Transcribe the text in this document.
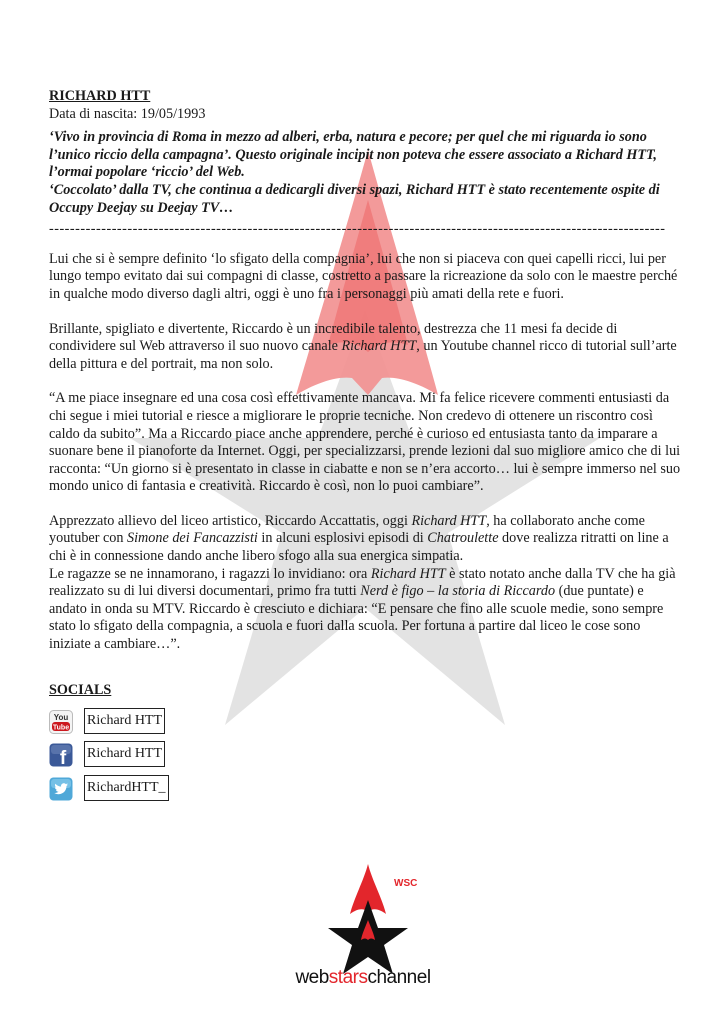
RICHARD HTT
Data di nascita: 19/05/1993
‘Vivo in provincia di Roma in mezzo ad alberi, erba, natura e pecore; per quel che mi riguarda io sono l’unico riccio della campagna’. Questo originale incipit non poteva che essere associato a Richard HTT, l’ormai popolare ‘riccio’ del Web.
‘Coccolato’ dalla TV, che continua a dedicargli diversi spazi, Richard HTT è stato recentemente ospite di Occupy Deejay su Deejay TV…
----------------------------------------------------------------------------------------------------------------------

Lui che si è sempre definito ‘lo sfigato della compagnia’, lui che non si piaceva con quei capelli ricci, lui per lungo tempo evitato dai sui compagni di classe, costretto a passare la ricreazione da solo con le maestre perché in qualche modo diverso dagli altri, oggi è uno fra i personaggi più amati della rete e fuori.

Brillante, spigliato e divertente, Riccardo è un incredibile talento, destrezza che 11 mesi fa decide di condividere sul Web attraverso il suo nuovo canale Richard HTT, un Youtube channel ricco di tutorial sull’arte della pittura e del portrait, ma non solo.

“A me piace insegnare ed una cosa così effettivamente mancava. Mi fa felice ricevere commenti entusiasti da chi segue i miei tutorial e riesce a migliorare le proprie tecniche. Non credevo di ottenere un riscontro così caldo da subito”. Ma a Riccardo piace anche apprendere, perché è curioso ed entusiasta tanto da imparare a suonare bene il pianoforte da Internet. Oggi, per specializzarsi, prende lezioni dal suo migliore amico che di lui racconta: “Un giorno si è presentato in classe in ciabatte e non se n’era accorto… lui è sempre immerso nel suo mondo unico di fantasia e creatività. Riccardo è così, non lo puoi cambiare”.

Apprezzato allievo del liceo artistico, Riccardo Accattatis, oggi Richard HTT, ha collaborato anche come youtuber con Simone dei Fancazzisti in alcuni esplosivi episodi di Chatroulette dove realizza ritratti on line a chi è in connessione dando anche libero sfogo alla sua energica simpatia.

Le ragazze se ne innamorano, i ragazzi lo invidiano: ora Richard HTT è stato notato anche dalla TV che ha già realizzato su di lui diversi documentari, primo fra tutti Nerd è figo – la storia di Riccardo (due puntate) e andato in onda su MTV. Riccardo è cresciuto e dichiara: “E pensare che fino alle scuole medie, sono sempre stato lo sfigato della compagnia, a scuola e fuori dalla scuola. Per fortuna a partire dal liceo le cose sono iniziate a cambiare…”.

SOCIALS
You
Tube Richard HTT
f Richard HTT
RichardHTT_
WSC
webstarschannel
